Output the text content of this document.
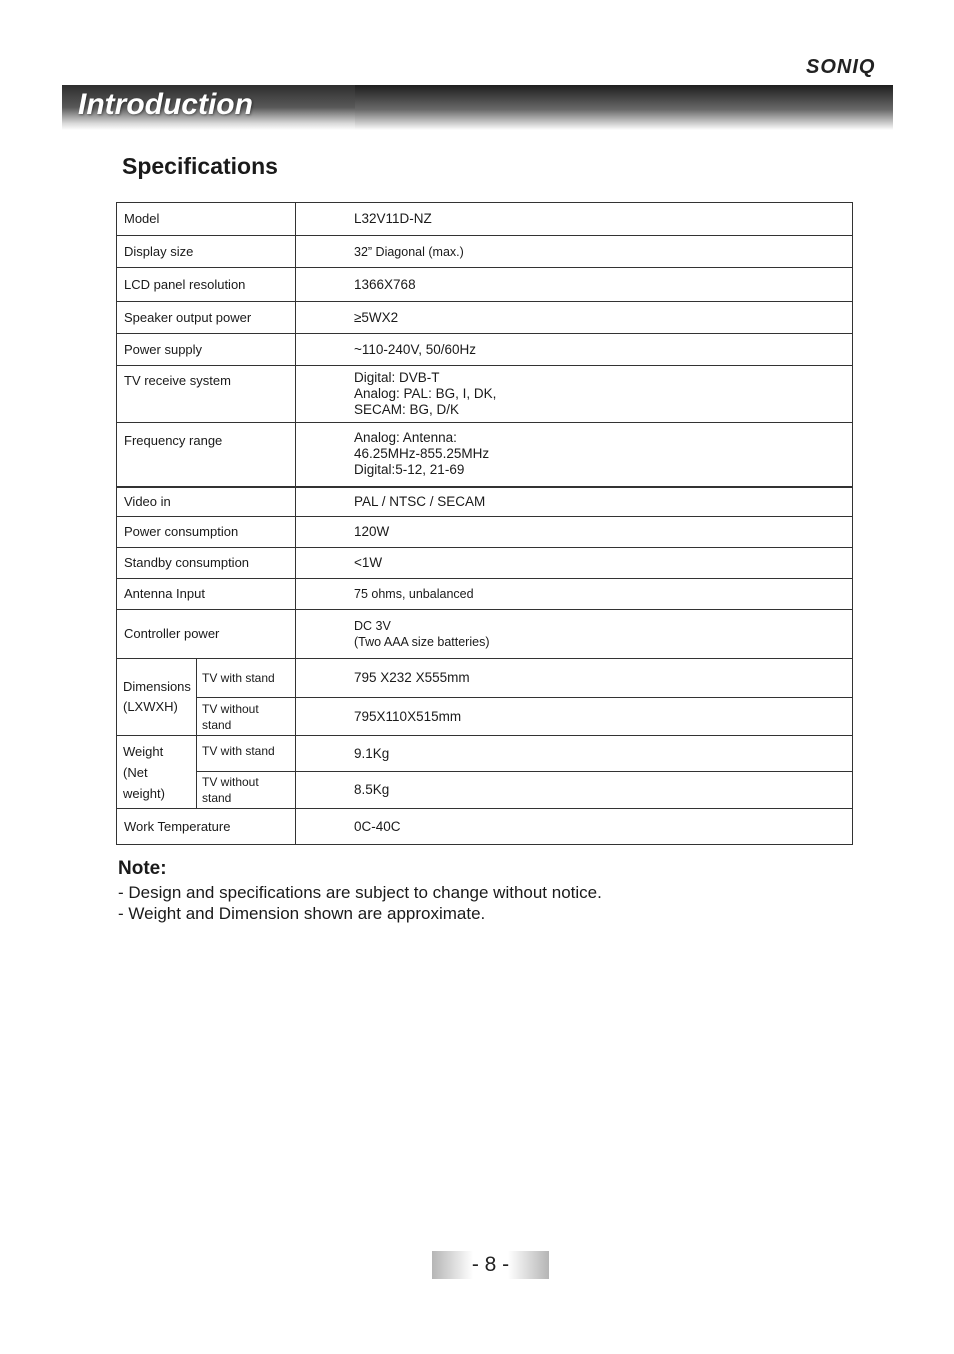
SONIQ
Introduction
Specifications
Model		L32V11D-NZ
Display size		32” Diagonal (max.)
LCD panel resolution		1366X768
Speaker output power		≥5WX2
Power supply		~110-240V, 50/60Hz
TV receive system		Digital: DVB-T
Analog: PAL: BG, I, DK,
SECAM: BG, D/K

Frequency range		Analog: Antenna:
46.25MHz-855.25MHz
Digital:5-12, 21-69

Video in		PAL / NTSC / SECAM
Power consumption		120W
Standby consumption		<1W
Antenna Input		75 ohms, unbalanced
Controller power		DC 3V
(Two AAA size batteries)

Dimensions
(LXWXH)	TV with stand	795 X232 X555mm
	TV without stand	795X110X515mm

Weight
(Net weight)	TV with stand	9.1Kg
	TV without stand	8.5Kg
Work Temperature		0C-40C
Note:
- Design and specifications are subject to change without notice.
- Weight and Dimension shown are approximate.
- 8 -
